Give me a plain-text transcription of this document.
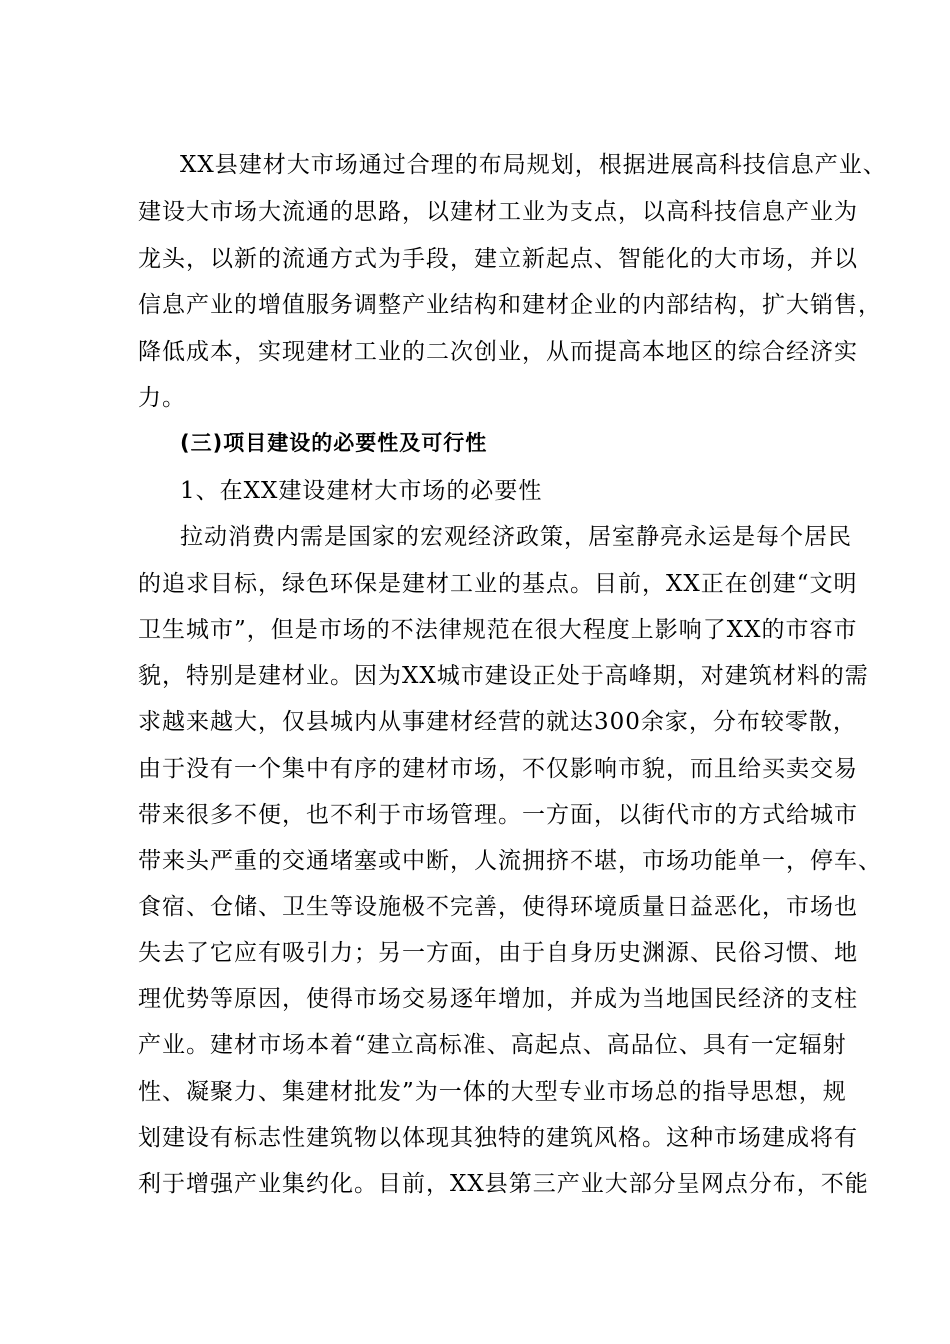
XX县建材大市场通过合理的布局规划，根据进展高科技信息产业、
建设大市场大流通的思路，以建材工业为支点，以高科技信息产业为
龙头，以新的流通方式为手段，建立新起点、智能化的大市场，并以
信息产业的增值服务调整产业结构和建材企业的内部结构，扩大销售，
降低成本，实现建材工业的二次创业，从而提高本地区的综合经济实
力。
(三)项目建设的必要性及可行性
1、在XX建设建材大市场的必要性
拉动消费内需是国家的宏观经济政策，居室静亮永运是每个居民
的追求目标，绿色环保是建材工业的基点。目前，XX正在创建“文明
卫生城市”，但是市场的不法律规范在很大程度上影响了XX的市容市
貌，特别是建材业。因为XX城市建设正处于高峰期，对建筑材料的需
求越来越大，仅县城内从事建材经营的就达300余家，分布较零散，
由于没有一个集中有序的建材市场，不仅影响市貌，而且给买卖交易
带来很多不便，也不利于市场管理。一方面，以街代市的方式给城市
带来头严重的交通堵塞或中断，人流拥挤不堪，市场功能单一，停车、
食宿、仓储、卫生等设施极不完善，使得环境质量日益恶化，市场也
失去了它应有吸引力；另一方面，由于自身历史渊源、民俗习惯、地
理优势等原因，使得市场交易逐年增加，并成为当地国民经济的支柱
产业。建材市场本着“建立高标准、高起点、高品位、具有一定辐射
性、凝聚力、集建材批发”为一体的大型专业市场总的指导思想，规
划建设有标志性建筑物以体现其独特的建筑风格。这种市场建成将有
利于增强产业集约化。目前，XX县第三产业大部分呈网点分布，不能
